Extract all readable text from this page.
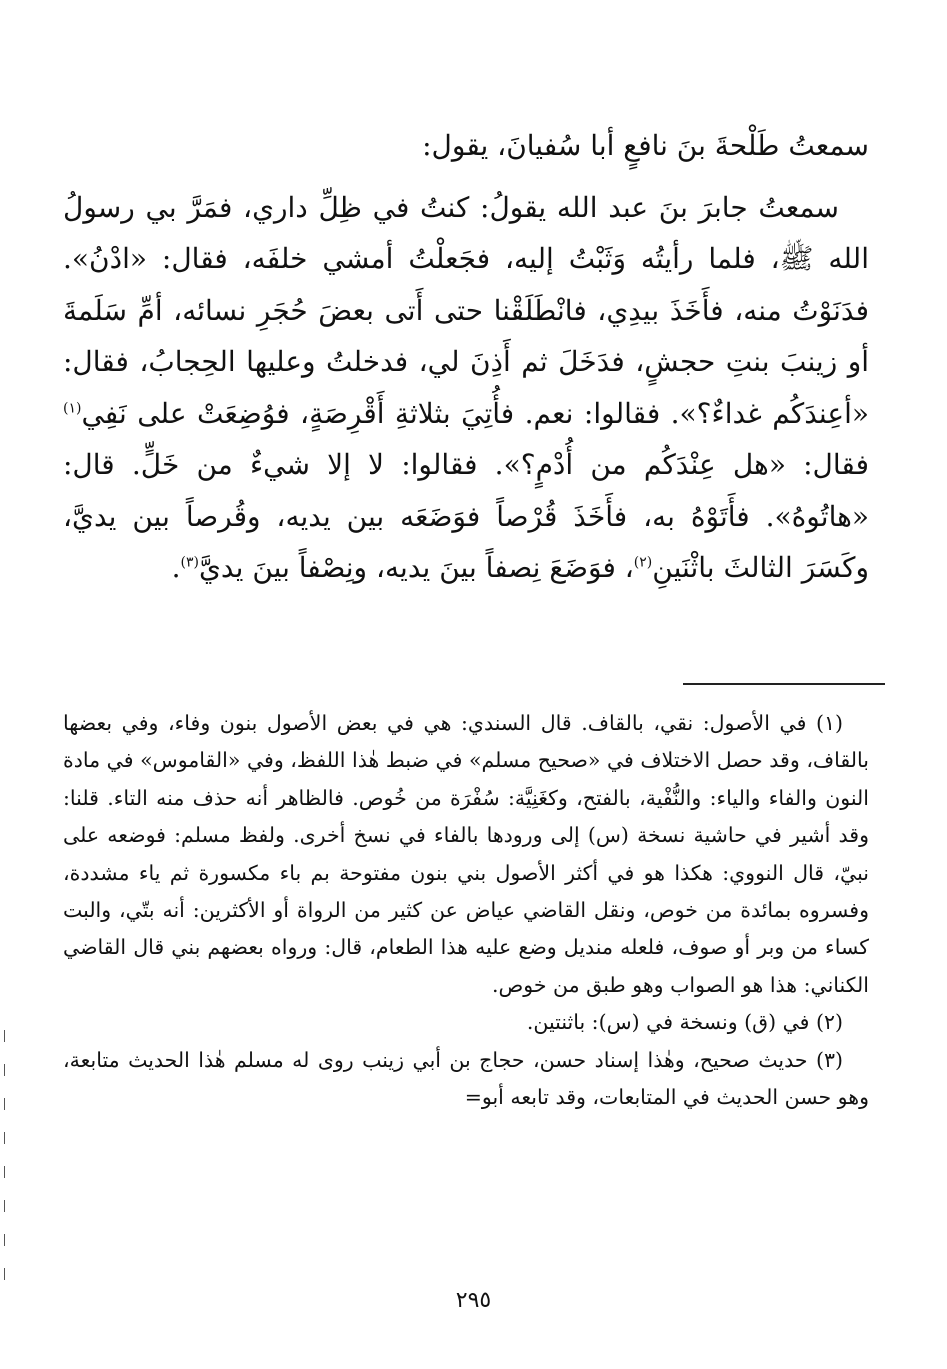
سمعتُ طَلْحةَ بنَ نافعٍ أبا سُفيانَ، يقول:

سمعتُ جابرَ بنَ عبد الله يقولُ: كنتُ في ظِلِّ داري، فمَرَّ بي رسولُ الله ﷺ، فلما رأيتُه وَثَبْتُ إليه، فجَعلْتُ أمشي خلفَه، فقال: «ادْنُ». فدَنَوْتُ منه، فأَخَذَ بيدِي، فانْطَلَقْنا حتى أَتى بعضَ حُجَرِ نسائه، أمِّ سَلَمةَ أو زينبَ بنتِ حجشٍ، فدَخَلَ ثم أَذِنَ لي، فدخلتُ وعليها الحِجابُ، فقال: «أعِندَكُم غداءٌ؟». فقالوا: نعم. فأُتِيَ بثلاثةِ أَقْرِصَةٍ، فوُضِعَتْ على نَفِي$^{(١)}$ فقال: «هل عِنْدَكُم من أُدْمٍ؟». فقالوا: لا إلا شيءٌ من خَلٍّ. قال: «هاتُوهُ». فأَتَوْهُ به، فأَخَذَ قُرْصاً فوَضَعَه بين يديه، وقُرصاً بين يديَّ، وكَسَرَ الثالثَ باثْنَينِ$^{(٢)}$، فوَضَعَ نِصفاً بينَ يديه، ونِصْفاً بينَ يديَّ$^{(٣)}$.

(١) في الأصول: نقي، بالقاف. قال السندي: هي في بعض الأصول بنون وفاء، وفي بعضها بالقاف، وقد حصل الاختلاف في «صحيح مسلم» في ضبط هٰذا اللفظ، وفي «القاموس» في مادة النون والفاء والياء: والنُّفْية، بالفتح، وكغَنِيَّة: سُفْرَة من خُوص. فالظاهر أنه حذف منه التاء. قلنا: وقد أشير في حاشية نسخة (س) إلى ورودها بالفاء في نسخ أخرى. ولفظ مسلم: فوضعه على نبيّ، قال النووي: هكذا هو في أكثر الأصول بني بنون مفتوحة بم باء مكسورة ثم ياء مشددة، وفسروه بمائدة من خوص، ونقل القاضي عياض عن كثير من الرواة أو الأكثرين: أنه بتّي، والبت كساء من وبر أو صوف، فلعله منديل وضع عليه هذا الطعام، قال: ورواه بعضهم بني قال القاضي الكناني: هذا هو الصواب وهو طبق من خوص.

(٢) في (ق) ونسخة في (س): باثنتين.

(٣) حديث صحيح، وهٰذا إسناد حسن، حجاج بن أبي زينب روى له مسلم هٰذا الحديث متابعة، وهو حسن الحديث في المتابعات، وقد تابعه أبو=

٢٩٥
